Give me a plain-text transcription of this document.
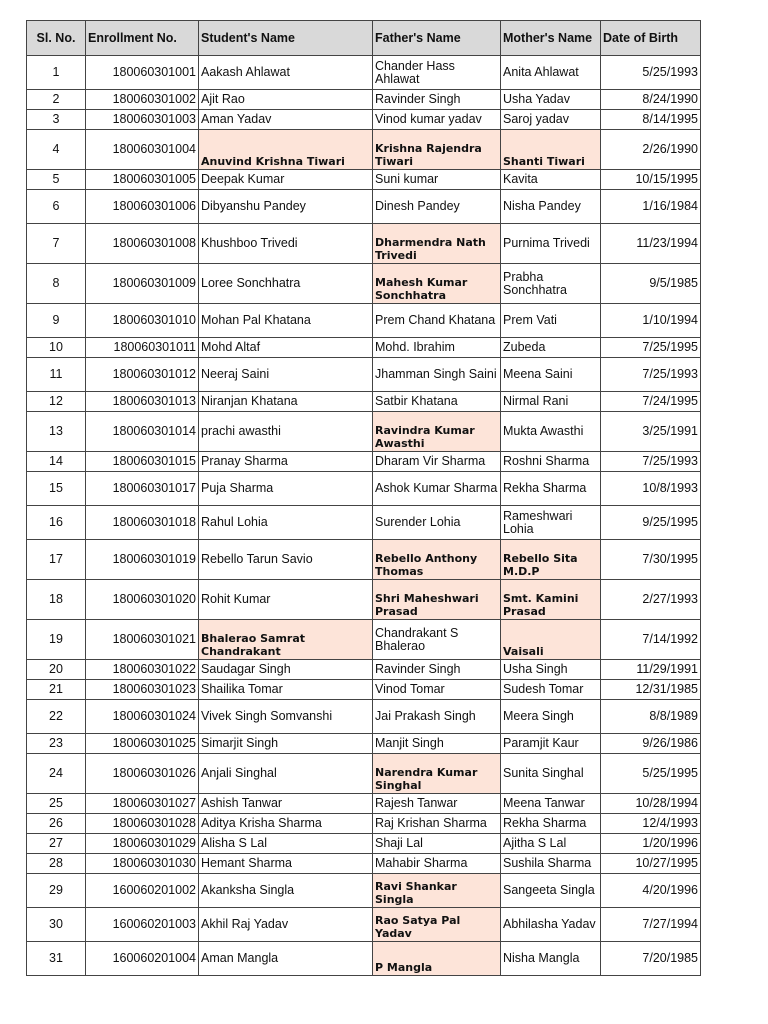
Sl. No.	Enrollment No.	Student's Name	Father's Name	Mother's Name	Date of Birth
1	180060301001	Aakash Ahlawat	Chander Hass Ahlawat	Anita Ahlawat	5/25/1993
2	180060301002	Ajit Rao	Ravinder Singh	Usha Yadav	8/24/1990
3	180060301003	Aman Yadav	Vinod kumar yadav	Saroj yadav	8/14/1995
4	180060301004	Anuvind Krishna Tiwari	Krishna Rajendra Tiwari	Shanti Tiwari	2/26/1990
5	180060301005	Deepak Kumar	Suni kumar	Kavita	10/15/1995
6	180060301006	Dibyanshu Pandey	Dinesh Pandey	Nisha Pandey	1/16/1984
7	180060301008	Khushboo Trivedi	Dharmendra Nath Trivedi	Purnima Trivedi	11/23/1994
8	180060301009	Loree Sonchhatra	Mahesh Kumar Sonchhatra	Prabha Sonchhatra	9/5/1985
9	180060301010	Mohan Pal Khatana	Prem Chand Khatana	Prem Vati	1/10/1994
10	180060301011	Mohd Altaf	Mohd. Ibrahim	Zubeda	7/25/1995
11	180060301012	Neeraj Saini	Jhamman Singh Saini	Meena Saini	7/25/1993
12	180060301013	Niranjan Khatana	Satbir Khatana	Nirmal Rani	7/24/1995
13	180060301014	prachi awasthi	Ravindra Kumar Awasthi	Mukta Awasthi	3/25/1991
14	180060301015	Pranay Sharma	Dharam Vir Sharma	Roshni Sharma	7/25/1993
15	180060301017	Puja Sharma	Ashok Kumar Sharma	Rekha Sharma	10/8/1993
16	180060301018	Rahul Lohia	Surender Lohia	Rameshwari Lohia	9/25/1995
17	180060301019	Rebello Tarun Savio	Rebello Anthony Thomas	Rebello Sita M.D.P	7/30/1995
18	180060301020	Rohit Kumar	Shri Maheshwari Prasad	Smt. Kamini Prasad	2/27/1993
19	180060301021	Bhalerao Samrat Chandrakant	Chandrakant S Bhalerao	Vaisali	7/14/1992
20	180060301022	Saudagar Singh	Ravinder Singh	Usha Singh	11/29/1991
21	180060301023	Shailika Tomar	Vinod Tomar	Sudesh Tomar	12/31/1985
22	180060301024	Vivek Singh Somvanshi	Jai Prakash Singh	Meera Singh	8/8/1989
23	180060301025	Simarjit Singh	Manjit Singh	Paramjit Kaur	9/26/1986
24	180060301026	Anjali Singhal	Narendra Kumar Singhal	Sunita Singhal	5/25/1995
25	180060301027	Ashish Tanwar	Rajesh Tanwar	Meena Tanwar	10/28/1994
26	180060301028	Aditya Krisha Sharma	Raj Krishan Sharma	Rekha Sharma	12/4/1993
27	180060301029	Alisha S Lal	Shaji Lal	Ajitha S Lal	1/20/1996
28	180060301030	Hemant Sharma	Mahabir Sharma	Sushila Sharma	10/27/1995
29	160060201002	Akanksha Singla	Ravi Shankar Singla	Sangeeta Singla	4/20/1996
30	160060201003	Akhil Raj Yadav	Rao Satya Pal Yadav	Abhilasha Yadav	7/27/1994
31	160060201004	Aman Mangla	P Mangla	Nisha Mangla	7/20/1985
